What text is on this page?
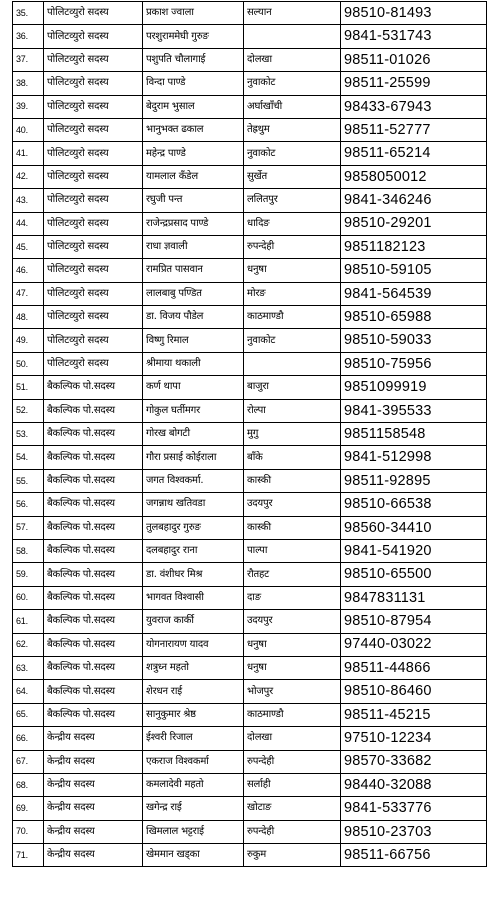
35.	पोलिटव्युरो सदस्य	प्रकाश ज्वाला	सल्यान	98510-81493
36.	पोलिटव्युरो सदस्य	परशुराममेघी गुरुङ		9841-531743
37.	पोलिटव्युरो सदस्य	पशुपति चौलागाई	दोलखा	98511-01026
38.	पोलिटव्युरो सदस्य	विन्दा पाण्डे	नुवाकोट	98511-25599
39.	पोलिटव्युरो सदस्य	बेदुराम भुसाल	अर्घाखाँची	98433-67943
40.	पोलिटव्युरो सदस्य	भानुभक्त ढकाल	तेह्रथुम	98511-52777
41.	पोलिटव्युरो सदस्य	महेन्द्र पाण्डे	नुवाकोट	98511-65214
42.	पोलिटव्युरो सदस्य	यामलाल कँडेल	सुर्खेत	9858050012
43.	पोलिटव्युरो सदस्य	रघुजी पन्त	ललितपुर	9841-346246
44.	पोलिटव्युरो सदस्य	राजेन्द्रप्रसाद पाण्डे	धादिङ	98510-29201
45.	पोलिटव्युरो सदस्य	राधा ज्ञवाली	रुपन्देही	9851182123
46.	पोलिटव्युरो सदस्य	रामप्रित पासवान	धनुषा	98510-59105
47.	पोलिटव्युरो सदस्य	लालबाबु पण्डित	मोरङ	9841-564539
48.	पोलिटव्युरो सदस्य	डा. विजय पौडेल	काठमाण्डौ	98510-65988
49.	पोलिटव्युरो सदस्य	विष्णु रिमाल	नुवाकोट	98510-59033
50.	पोलिटव्युरो सदस्य	श्रीमाया थकाली		98510-75956
51.	बैकल्पिक पो.सदस्य	कर्ण थापा	बाजुरा	9851099919
52.	बैकल्पिक पो.सदस्य	गोकुल घर्तीमगर	रोल्पा	9841-395533
53.	बैकल्पिक पो.सदस्य	गोरख बोगटी	मुगु	9851158548
54.	बैकल्पिक पो.सदस्य	गौरा प्रसाई कोईराला	बाँके	9841-512998
55.	बैकल्पिक पो.सदस्य	जगत विश्वकर्मा.	कास्की	98511-92895
56.	बैकल्पिक पो.सदस्य	जगन्नाथ खतिवडा	उदयपुर	98510-66538
57.	बैकल्पिक पो.सदस्य	तुलबहादुर गुरुङ	कास्की	98560-34410
58.	बैकल्पिक पो.सदस्य	दलबहादुर राना	पाल्पा	9841-541920
59.	बैकल्पिक पो.सदस्य	डा. वंशीधर मिश्र	रौतहट	98510-65500
60.	बैकल्पिक पो.सदस्य	भागवत विश्वासी	दाङ	9847831131
61.	बैकल्पिक पो.सदस्य	युवराज कार्की	उदयपुर	98510-87954
62.	बैकल्पिक पो.सदस्य	योगनारायण यादव	धनुषा	97440-03022
63.	बैकल्पिक पो.सदस्य	शत्रुध्न महतो	धनुषा	98511-44866
64.	बैकल्पिक पो.सदस्य	शेरधन राई	भोजपुर	98510-86460
65.	बैकल्पिक पो.सदस्य	सानुकुमार श्रेष्ठ	काठमाण्डौ	98511-45215
66.	केन्द्रीय सदस्य	ईश्वरी रिजाल	दोलखा	97510-12234
67.	केन्द्रीय सदस्य	एकराज विश्वकर्मा	रुपन्देही	98570-33682
68.	केन्द्रीय सदस्य	कमलादेवी महतो	सर्लाही	98440-32088
69.	केन्द्रीय सदस्य	खगेन्द्र राई	खोटाङ	9841-533776
70.	केन्द्रीय सदस्य	खिमलाल भट्टराई	रुपन्देही	98510-23703
71.	केन्द्रीय सदस्य	खेममान खड्का	रुकुम	98511-66756
